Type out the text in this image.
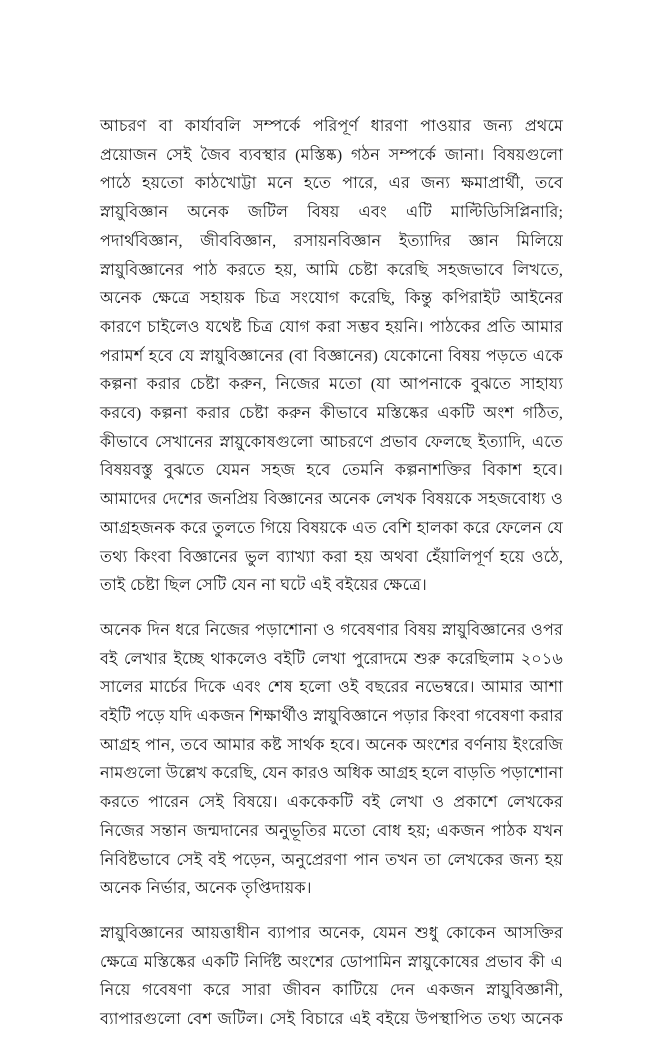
আচরণ বা কার্যাবলি সম্পর্কে পরিপূর্ণ ধারণা পাওয়ার জন্য প্রথমে প্রয়োজন সেই জৈব ব্যবস্থার (মস্তিষ্ক) গঠন সম্পর্কে জানা। বিষয়গুলো পাঠে হয়তো কাঠখোট্টা মনে হতে পারে, এর জন্য ক্ষমাপ্রার্থী, তবে স্নায়ুবিজ্ঞান অনেক জটিল বিষয় এবং এটি মাল্টিডিসিপ্লিনারি; পদার্থবিজ্ঞান, জীববিজ্ঞান, রসায়নবিজ্ঞান ইত্যাদির জ্ঞান মিলিয়ে স্নায়ুবিজ্ঞানের পাঠ করতে হয়, আমি চেষ্টা করেছি সহজভাবে লিখতে, অনেক ক্ষেত্রে সহায়ক চিত্র সংযোগ করেছি, কিন্তু কপিরাইট আইনের কারণে চাইলেও যথেষ্ট চিত্র যোগ করা সম্ভব হয়নি। পাঠকের প্রতি আমার পরামর্শ হবে যে স্নায়ুবিজ্ঞানের (বা বিজ্ঞানের) যেকোনো বিষয় পড়তে একে কল্পনা করার চেষ্টা করুন, নিজের মতো (যা আপনাকে বুঝতে সাহায্য করবে) কল্পনা করার চেষ্টা করুন কীভাবে মস্তিষ্কের একটি অংশ গঠিত, কীভাবে সেখানের স্নায়ুকোষগুলো আচরণে প্রভাব ফেলছে ইত্যাদি, এতে বিষয়বস্তু বুঝতে যেমন সহজ হবে তেমনি কল্পনাশক্তির বিকাশ হবে। আমাদের দেশের জনপ্রিয় বিজ্ঞানের অনেক লেখক বিষয়কে সহজবোধ্য ও আগ্রহজনক করে তুলতে গিয়ে বিষয়কে এত বেশি হালকা করে ফেলেন যে তথ্য কিংবা বিজ্ঞানের ভুল ব্যাখ্যা করা হয় অথবা হেঁয়ালিপূর্ণ হয়ে ওঠে, তাই চেষ্টা ছিল সেটি যেন না ঘটে এই বইয়ের ক্ষেত্রে।

অনেক দিন ধরে নিজের পড়াশোনা ও গবেষণার বিষয় স্নায়ুবিজ্ঞানের ওপর বই লেখার ইচ্ছে থাকলেও বইটি লেখা পুরোদমে শুরু করেছিলাম ২০১৬ সালের মার্চের দিকে এবং শেষ হলো ওই বছরের নভেম্বরে। আমার আশা বইটি পড়ে যদি একজন শিক্ষার্থীও স্নায়ুবিজ্ঞানে পড়ার কিংবা গবেষণা করার আগ্রহ পান, তবে আমার কষ্ট সার্থক হবে। অনেক অংশের বর্ণনায় ইংরেজি নামগুলো উল্লেখ করেছি, যেন কারও অধিক আগ্রহ হলে বাড়তি পড়াশোনা করতে পারেন সেই বিষয়ে। এককেকটি বই লেখা ও প্রকাশে লেখকের নিজের সন্তান জন্মদানের অনুভূতির মতো বোধ হয়; একজন পাঠক যখন নিবিষ্টভাবে সেই বই পড়েন, অনুপ্রেরণা পান তখন তা লেখকের জন্য হয় অনেক নির্ভার, অনেক তৃপ্তিদায়ক।

স্নায়ুবিজ্ঞানের আয়ত্তাধীন ব্যাপার অনেক, যেমন শুধু কোকেন আসক্তির ক্ষেত্রে মস্তিষ্কের একটি নির্দিষ্ট অংশের ডোপামিন স্নায়ুকোষের প্রভাব কী এ নিয়ে গবেষণা করে সারা জীবন কাটিয়ে দেন একজন স্নায়ুবিজ্ঞানী, ব্যাপারগুলো বেশ জটিল। সেই বিচারে এই বইয়ে উপস্থাপিত তথ্য অনেক
